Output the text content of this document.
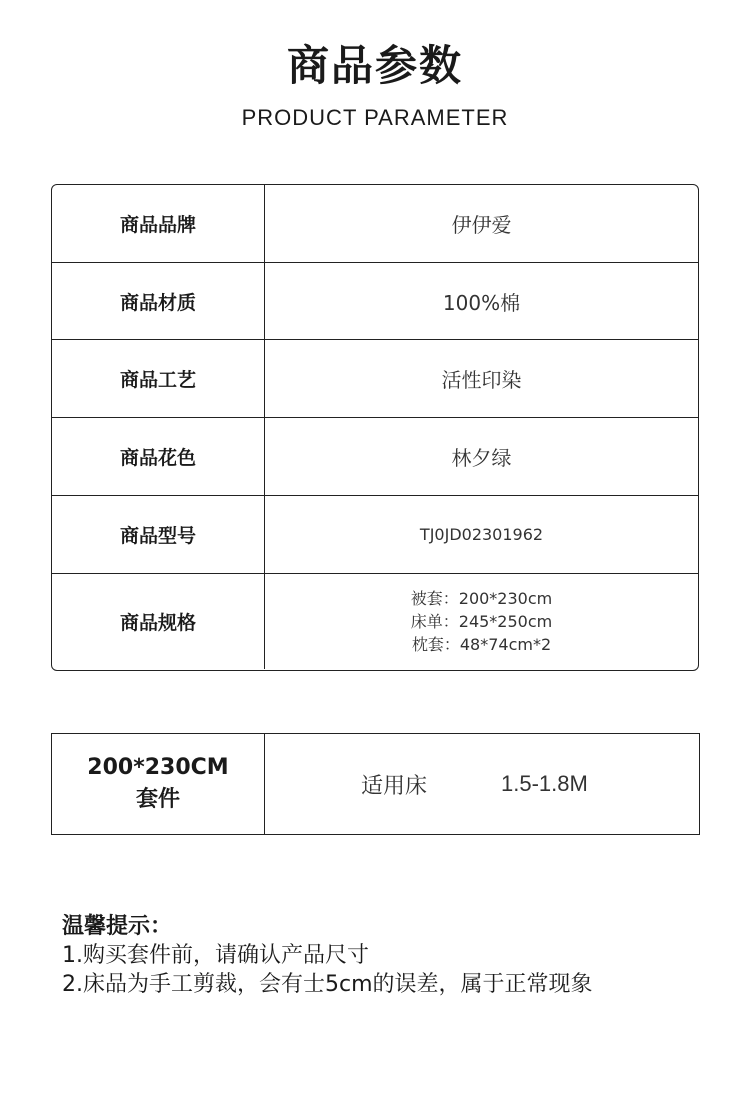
商品参数
PRODUCT PARAMETER
商品品牌	伊伊爱
商品材质	100%棉
商品工艺	活性印染
商品花色	林夕绿
商品型号	TJ0JD02301962
商品规格
被套：200*230cm
床单：245*250cm
枕套：48*74cm*2
200*230CM
套件
适用床	1.5-1.8M
温馨提示：
1.购买套件前，请确认产品尺寸
2.床品为手工剪裁，会有士5cm的误差，属于正常现象
